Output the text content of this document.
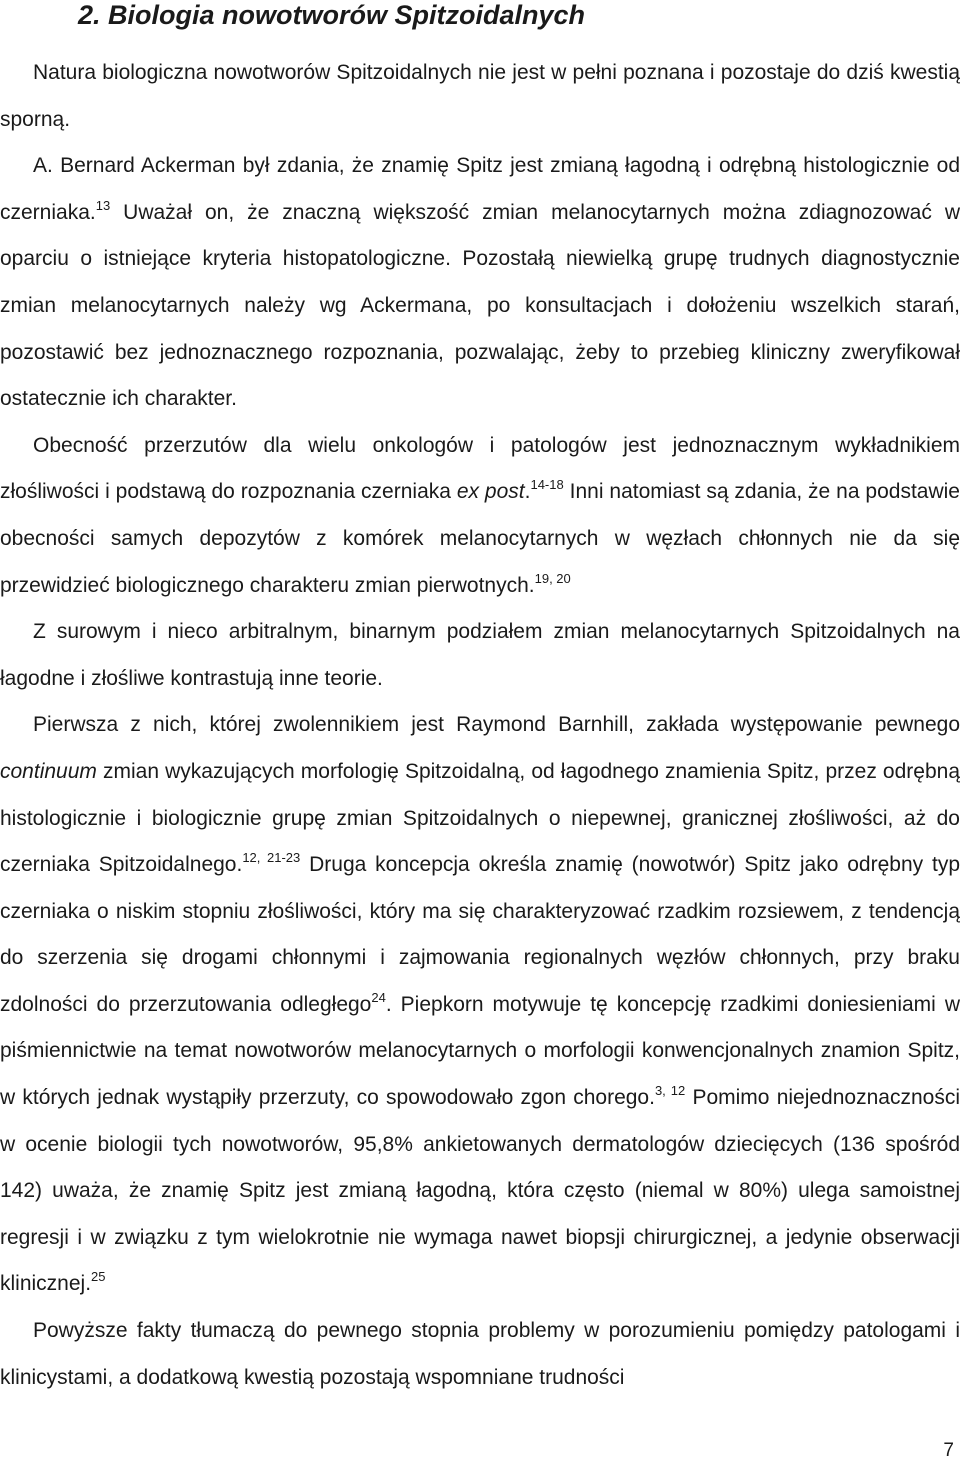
2. Biologia nowotworów Spitzoidalnych

Natura biologiczna nowotworów Spitzoidalnych nie jest w pełni poznana i pozostaje do dziś kwestią sporną.

A. Bernard Ackerman był zdania, że znamię Spitz jest zmianą łagodną i odrębną histologicznie od czerniaka.$^{13}$ Uważał on, że znaczną większość zmian melanocytarnych można zdiagnozować w oparciu o istniejące kryteria histopatologiczne. Pozostałą niewielką grupę trudnych diagnostycznie zmian melanocytarnych należy wg Ackermana, po konsultacjach i dołożeniu wszelkich starań, pozostawić bez jednoznacznego rozpoznania, pozwalając, żeby to przebieg kliniczny zweryfikował ostatecznie ich charakter.

Obecność przerzutów dla wielu onkologów i patologów jest jednoznacznym wykładnikiem złośliwości i podstawą do rozpoznania czerniaka ex post.$^{14-18}$ Inni natomiast są zdania, że na podstawie obecności samych depozytów z komórek melanocytarnych w węzłach chłonnych nie da się przewidzieć biologicznego charakteru zmian pierwotnych.$^{19, 20}$

Z surowym i nieco arbitralnym, binarnym podziałem zmian melanocytarnych Spitzoidalnych na łagodne i złośliwe kontrastują inne teorie.

Pierwsza z nich, której zwolennikiem jest Raymond Barnhill, zakłada występowanie pewnego continuum zmian wykazujących morfologię Spitzoidalną, od łagodnego znamienia Spitz, przez odrębną histologicznie i biologicznie grupę zmian Spitzoidalnych o niepewnej, granicznej złośliwości, aż do czerniaka Spitzoidalnego.$^{12, 21-23}$ Druga koncepcja określa znamię (nowotwór) Spitz jako odrębny typ czerniaka o niskim stopniu złośliwości, który ma się charakteryzować rzadkim rozsiewem, z tendencją do szerzenia się drogami chłonnymi i zajmowania regionalnych węzłów chłonnych, przy braku zdolności do przerzutowania odległego$^{24}$. Piepkorn motywuje tę koncepcję rzadkimi doniesieniami w piśmiennictwie na temat nowotworów melanocytarnych o morfologii konwencjonalnych znamion Spitz, w których jednak wystąpiły przerzuty, co spowodowało zgon chorego.$^{3, 12}$ Pomimo niejednoznaczności w ocenie biologii tych nowotworów, 95,8% ankietowanych dermatologów dziecięcych (136 spośród 142) uważa, że znamię Spitz jest zmianą łagodną, która często (niemal w 80%) ulega samoistnej regresji i w związku z tym wielokrotnie nie wymaga nawet biopsji chirurgicznej, a jedynie obserwacji klinicznej.$^{25}$

Powyższe fakty tłumaczą do pewnego stopnia problemy w porozumieniu pomiędzy patologami i klinicystami, a dodatkową kwestią pozostają wspomniane trudności

7
